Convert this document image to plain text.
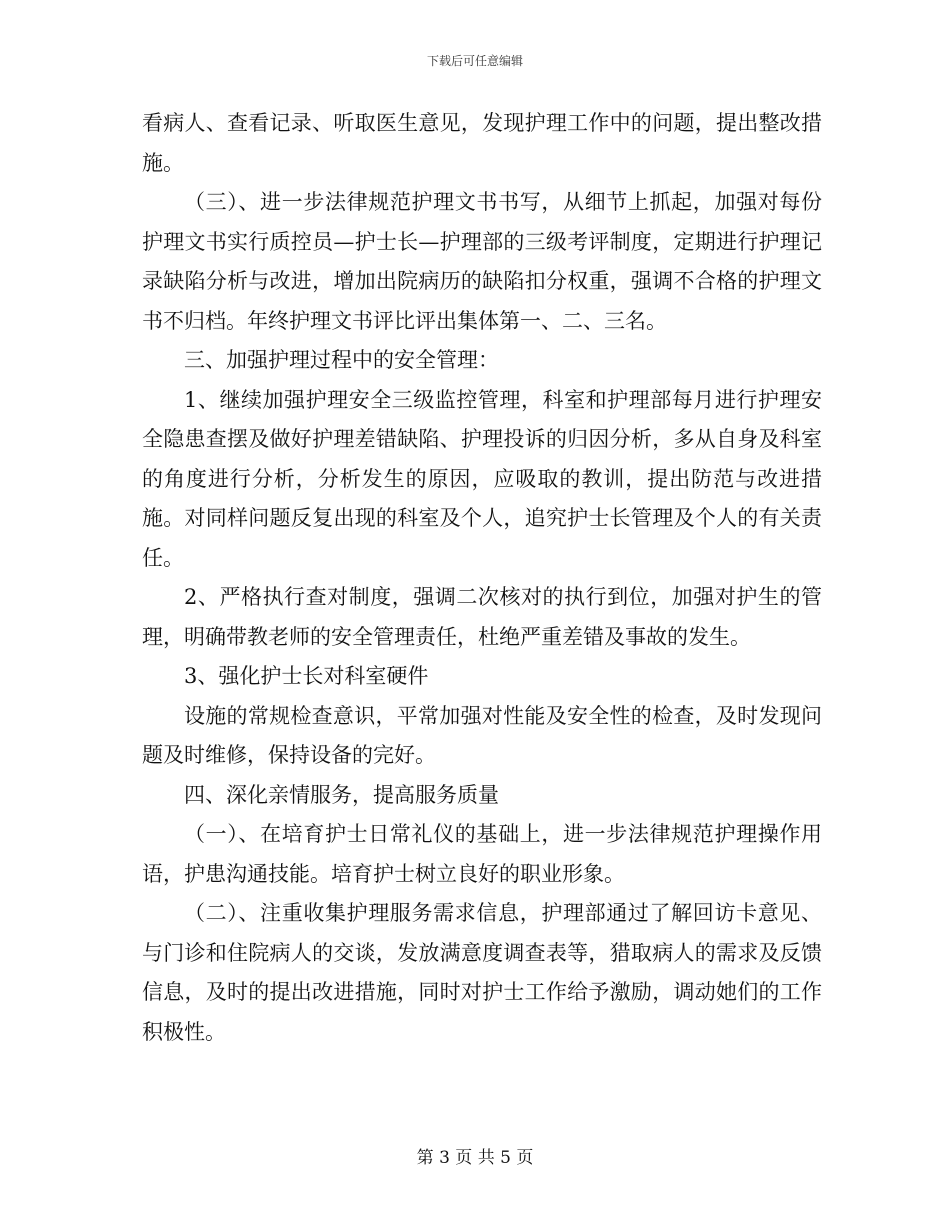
下载后可任意编辑

看病人、查看记录、听取医生意见，发现护理工作中的问题，提出整改措施。

（三）、进一步法律规范护理文书书写，从细节上抓起，加强对每份护理文书实行质控员—护士长—护理部的三级考评制度，定期进行护理记录缺陷分析与改进，增加出院病历的缺陷扣分权重，强调不合格的护理文书不归档。年终护理文书评比评出集体第一、二、三名。

三、加强护理过程中的安全管理：

1、继续加强护理安全三级监控管理，科室和护理部每月进行护理安全隐患查摆及做好护理差错缺陷、护理投诉的归因分析，多从自身及科室的角度进行分析，分析发生的原因，应吸取的教训，提出防范与改进措施。对同样问题反复出现的科室及个人，追究护士长管理及个人的有关责任。

2、严格执行查对制度，强调二次核对的执行到位，加强对护生的管理，明确带教老师的安全管理责任，杜绝严重差错及事故的发生。

3、强化护士长对科室硬件

设施的常规检查意识，平常加强对性能及安全性的检查，及时发现问题及时维修，保持设备的完好。

四、深化亲情服务，提高服务质量

（一）、在培育护士日常礼仪的基础上，进一步法律规范护理操作用语，护患沟通技能。培育护士树立良好的职业形象。

（二）、注重收集护理服务需求信息，护理部通过了解回访卡意见、与门诊和住院病人的交谈，发放满意度调查表等，猎取病人的需求及反馈信息，及时的提出改进措施，同时对护士工作给予激励，调动她们的工作积极性。

第 3 页 共 5 页
